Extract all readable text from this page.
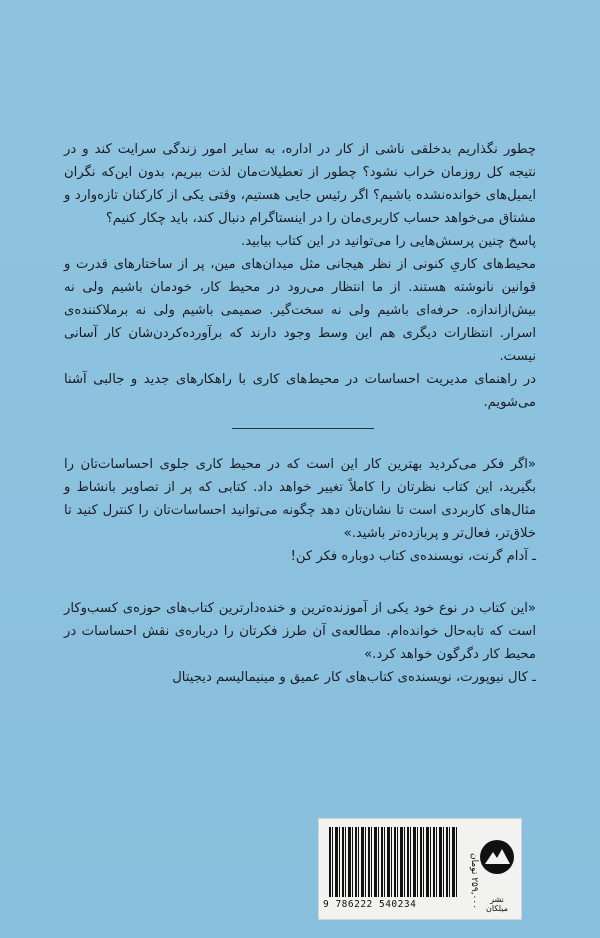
چطور نگذاریم بدخلقی ناشی از کار در اداره، به سایر امور زندگی سرایت کند و در نتیجه کل روزمان خراب نشود؟ چطور از تعطیلات‌مان لذت ببریم، بدون این‌که نگران ایمیل‌های خوانده‌نشده باشیم؟ اگر رئیس جایی هستیم، وقتی یکی از کارکنان تازه‌وارد و مشتاق می‌خواهد حساب کاربری‌مان را در اینستاگرام دنبال کند، باید چکار کنیم؟

پاسخ چنین پرسش‌هایی را می‌توانید در این کتاب بیابید.

محیط‌های کاریِ کنونی از نظر هیجانی مثل میدان‌های مین، پر از ساختارهای قدرت و قوانین نانوشته هستند. از ما انتظار می‌رود در محیط کار، خودمان باشیم ولی نه بیش‌ازاندازه. حرفه‌ای باشیم ولی نه سخت‌گیر. صمیمی باشیم ولی نه برملاکننده‌ی اسرار. انتظارات دیگری هم این وسط وجود دارند که برآورده‌کردن‌شان کار آسانی نیست.

در راهنمای مدیریت احساسات در محیط‌های کاری با راهکارهای جدید و جالبی آشنا می‌شویم.

«اگر فکر می‌کردید بهترین کار این است که در محیط کاری جلوی احساسات‌تان را بگیرید، این کتاب نظرتان را کاملاً تغییر خواهد داد. کتابی که پر از تصاویر بانشاط و مثال‌های کاربردی است تا نشان‌تان دهد چگونه می‌توانید احساسات‌تان را کنترل کنید تا خلاق‌تر، فعال‌تر و پربازده‌تر باشید.»

ـ آدام گرنت، نویسنده‌ی کتاب دوباره فکر کن!

«این کتاب در نوع خود یکی از آموزنده‌ترین و خنده‌دارترین کتاب‌های حوزه‌ی کسب‌وکار است که تابه‌حال خوانده‌ام. مطالعه‌ی آن طرز فکرتان را درباره‌ی نقش احساسات در محیط کار دگرگون خواهد کرد.»

ـ کال نیوپورت، نویسنده‌ی کتاب‌های کار عمیق و مینیمالیسم دیجیتال

9 786222 540234
۲۵۹,۰۰۰ تومان	نشر میلکان
